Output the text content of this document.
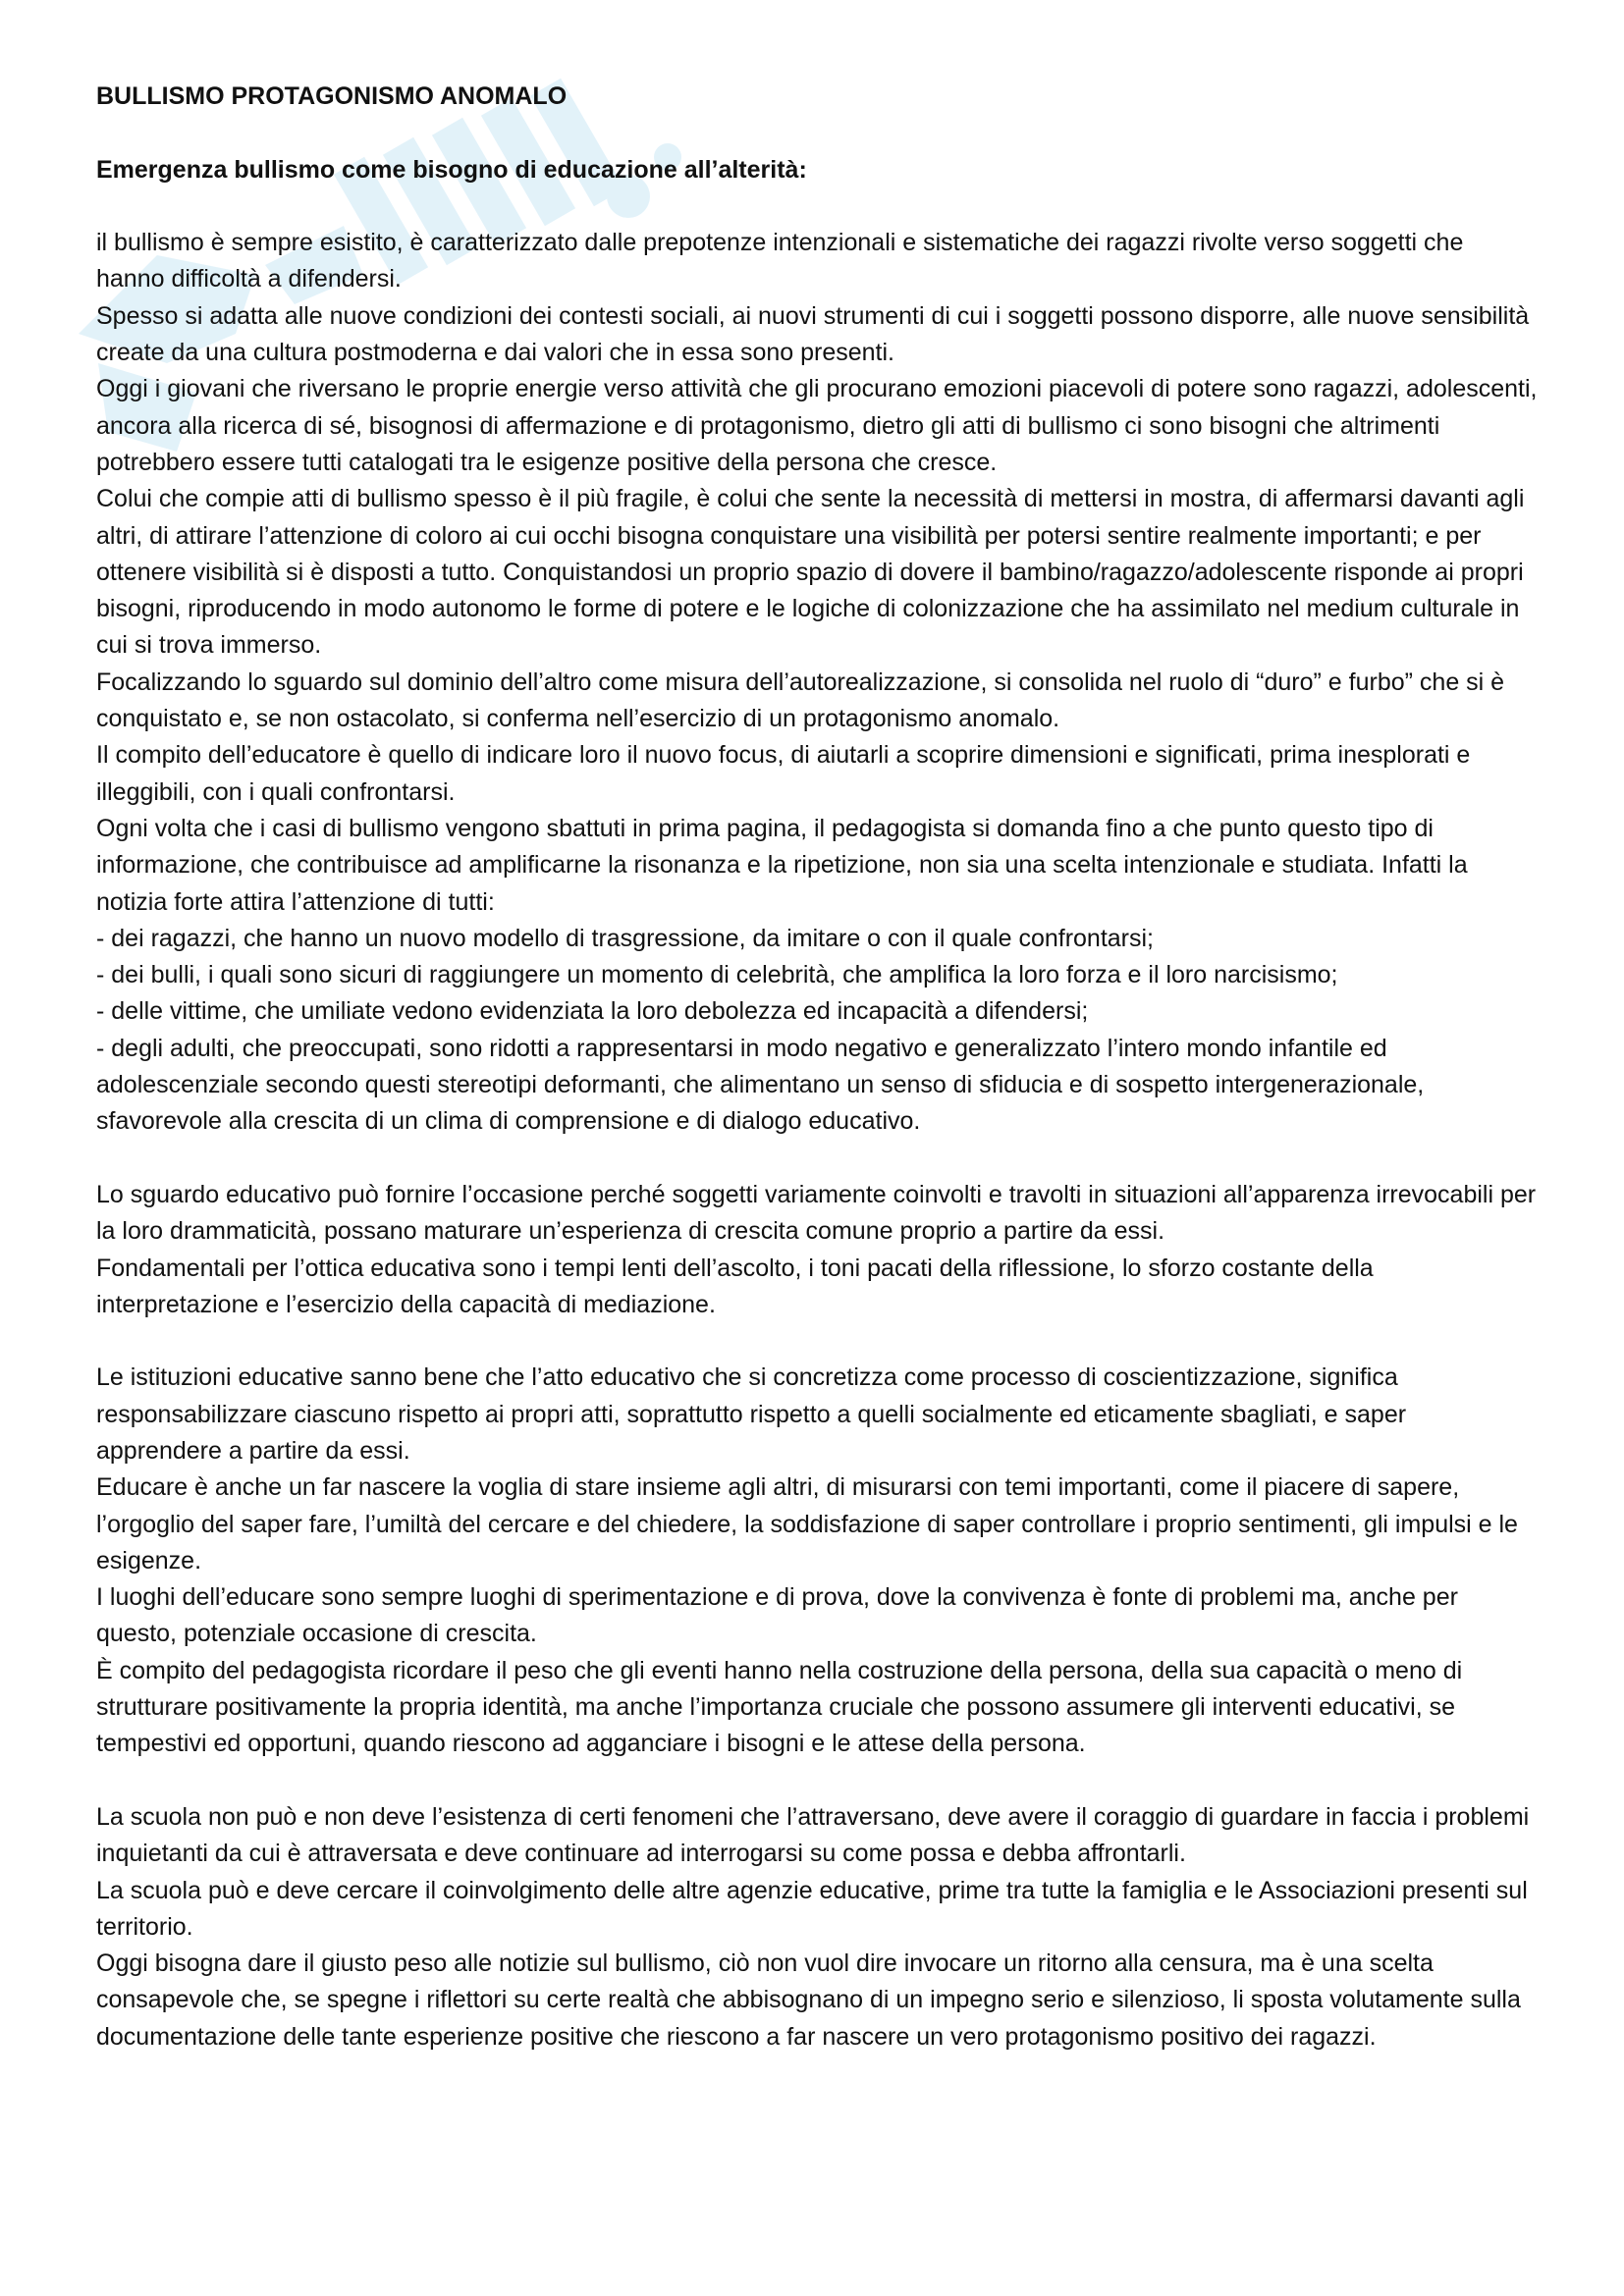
BULLISMO PROTAGONISMO ANOMALO

Emergenza bullismo come bisogno di educazione all’alterità:

il bullismo è sempre esistito, è caratterizzato dalle prepotenze intenzionali e sistematiche dei ragazzi rivolte verso soggetti che hanno difficoltà a difendersi.

Spesso si adatta alle nuove condizioni dei contesti sociali, ai nuovi strumenti di cui i soggetti possono disporre, alle nuove sensibilità create da una cultura postmoderna e dai valori che in essa sono presenti.

Oggi i giovani che riversano le proprie energie verso attività che gli procurano emozioni piacevoli di potere sono ragazzi, adolescenti, ancora alla ricerca di sé, bisognosi di affermazione e di protagonismo, dietro gli atti di bullismo ci sono bisogni che altrimenti potrebbero essere tutti catalogati tra le esigenze positive della persona che cresce.

Colui che compie atti di bullismo spesso è il più fragile, è colui che sente la necessità di mettersi in mostra, di affermarsi davanti agli altri, di attirare l’attenzione di coloro ai cui occhi bisogna conquistare una visibilità per potersi sentire realmente importanti; e per ottenere visibilità si è disposti a tutto. Conquistandosi un proprio spazio di dovere il bambino/ragazzo/adolescente risponde ai propri bisogni, riproducendo in modo autonomo le forme di potere e le logiche di colonizzazione che ha assimilato nel medium culturale in cui si trova immerso.

Focalizzando lo sguardo sul dominio dell’altro come misura dell’autorealizzazione, si consolida nel ruolo di “duro” e furbo” che si è conquistato e, se non ostacolato, si conferma nell’esercizio di un protagonismo anomalo.

Il compito dell’educatore è quello di indicare loro il nuovo focus, di aiutarli a scoprire dimensioni e significati, prima inesplorati e illeggibili, con i quali confrontarsi.

Ogni volta che i casi di bullismo vengono sbattuti in prima pagina, il pedagogista si domanda fino a che punto questo tipo di informazione, che contribuisce ad amplificarne la risonanza e la ripetizione, non sia una scelta intenzionale e studiata. Infatti la notizia forte attira l’attenzione di tutti:

- dei ragazzi, che hanno un nuovo modello di trasgressione, da imitare o con il quale confrontarsi;

- dei bulli, i quali sono sicuri di raggiungere un momento di celebrità, che amplifica la loro forza e il loro narcisismo;

- delle vittime, che umiliate vedono evidenziata la loro debolezza ed incapacità a difendersi;

- degli adulti, che preoccupati, sono ridotti a rappresentarsi in modo negativo e generalizzato l’intero mondo infantile ed adolescenziale secondo questi stereotipi deformanti, che alimentano un senso di sfiducia e di sospetto intergenerazionale, sfavorevole alla crescita di un clima di comprensione e di dialogo educativo.

Lo sguardo educativo può fornire l’occasione perché soggetti variamente coinvolti e travolti in situazioni all’apparenza irrevocabili per la loro drammaticità, possano maturare un’esperienza di crescita comune proprio a partire da essi.

Fondamentali per l’ottica educativa sono i tempi lenti dell’ascolto, i toni pacati della riflessione, lo sforzo costante della interpretazione e l’esercizio della capacità di mediazione.

Le istituzioni educative sanno bene che l’atto educativo che si concretizza come processo di coscientizzazione, significa responsabilizzare ciascuno rispetto ai propri atti, soprattutto rispetto a quelli socialmente ed eticamente sbagliati, e saper apprendere a partire da essi.

Educare è anche un far nascere la voglia di stare insieme agli altri, di misurarsi con temi importanti, come il piacere di sapere, l’orgoglio del saper fare, l’umiltà del cercare e del chiedere, la soddisfazione di saper controllare i proprio sentimenti, gli impulsi e le esigenze.

I luoghi dell’educare sono sempre luoghi di sperimentazione e di prova, dove la convivenza è fonte di problemi ma, anche per questo, potenziale occasione di crescita.

È compito del pedagogista ricordare il peso che gli eventi hanno nella costruzione della persona, della sua capacità o meno di strutturare positivamente la propria identità, ma anche l’importanza cruciale che possono assumere gli interventi educativi, se tempestivi ed opportuni, quando riescono ad agganciare i bisogni e le attese della persona.

La scuola non può e non deve l’esistenza di certi fenomeni che l’attraversano, deve avere il coraggio di guardare in faccia i problemi inquietanti da cui è attraversata e deve continuare ad interrogarsi su come possa e debba affrontarli.

La scuola può e deve cercare il coinvolgimento delle altre agenzie educative, prime tra tutte la famiglia e le Associazioni presenti sul territorio.

Oggi bisogna dare il giusto peso alle notizie sul bullismo, ciò non vuol dire invocare un ritorno alla censura, ma è una scelta consapevole che, se spegne i riflettori su certe realtà che abbisognano di un impegno serio e silenzioso, li sposta volutamente sulla documentazione delle tante esperienze positive che riescono a far nascere un vero protagonismo positivo dei ragazzi.
